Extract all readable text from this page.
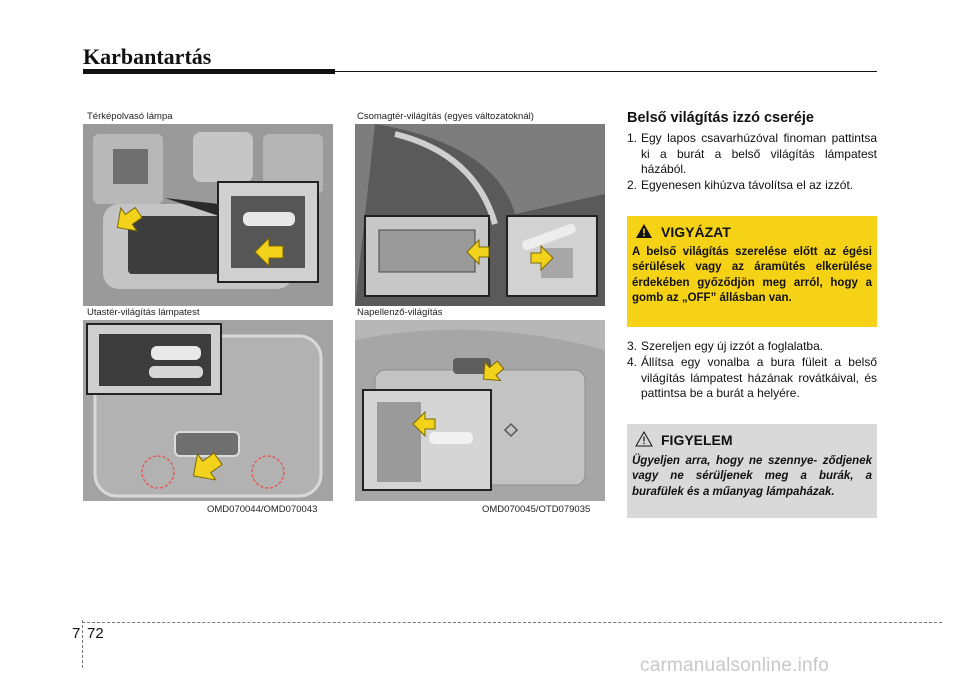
Karbantartás
Térképolvasó lámpa
Utastér-világítás lámpatest
OMD070044/OMD070043
Csomagtér-világítás (egyes változatoknál)
Napellenző-világítás
OMD070045/OTD079035
Belső világítás izzó cseréje
1. Egy lapos csavarhúzóval finoman pattintsa ki a burát a belső világítás lámpatest házából.
2. Egyenesen kihúzva távolítsa el az izzót.
VIGYÁZAT
A belső világítás szerelése előtt az égési sérülések vagy az áramütés elkerülése érdekében győződjön meg arról, hogy a gomb az „OFF” állásban van.
3. Szereljen egy új izzót a foglalatba.
4. Állítsa egy vonalba a bura füleit a belső világítás lámpatest házának rovátkáival, és pattintsa be a burát a helyére.
FIGYELEM
Ügyeljen arra, hogy ne szennye- ződjenek vagy ne sérüljenek meg a burák, a burafülek és a műanyag lámpaházak.
7 72
carmanualsonline.info
